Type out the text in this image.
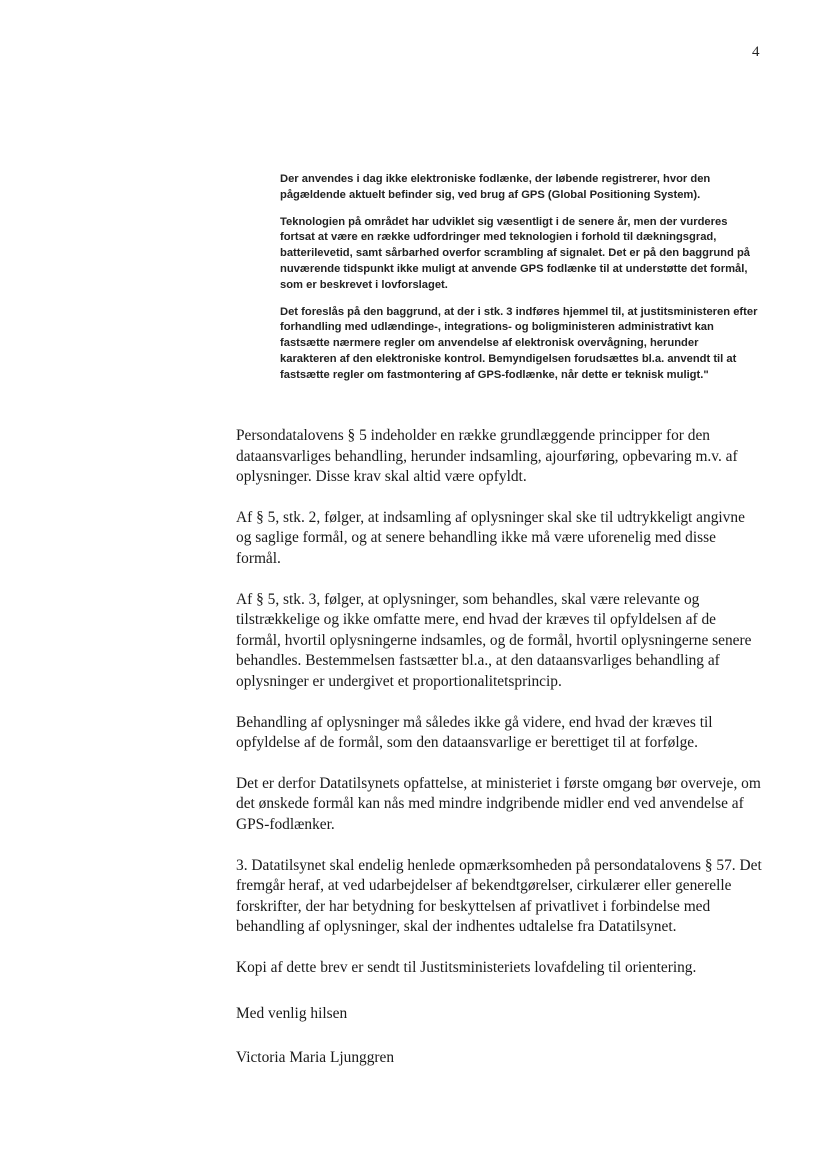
4

Der anvendes i dag ikke elektroniske fodlænke, der løbende registrerer, hvor den pågældende aktuelt befinder sig, ved brug af GPS (Global Positioning System).

Teknologien på området har udviklet sig væsentligt i de senere år, men der vurderes fortsat at være en række udfordringer med teknologien i forhold til dækningsgrad, batterilevetid, samt sårbarhed overfor scrambling af signalet. Det er på den baggrund på nuværende tidspunkt ikke muligt at anvende GPS fodlænke til at understøtte det formål, som er beskrevet i lovforslaget.

Det foreslås på den baggrund, at der i stk. 3 indføres hjemmel til, at justitsministeren efter forhandling med udlændinge-, integrations- og boligministeren administrativt kan fastsætte nærmere regler om anvendelse af elektronisk overvågning, herunder karakteren af den elektroniske kontrol. Bemyndigelsen forudsættes bl.a. anvendt til at fastsætte regler om fastmontering af GPS-fodlænke, når dette er teknisk muligt."

Persondatalovens § 5 indeholder en række grundlæggende principper for den dataansvarliges behandling, herunder indsamling, ajourføring, opbevaring m.v. af oplysninger. Disse krav skal altid være opfyldt.

Af § 5, stk. 2, følger, at indsamling af oplysninger skal ske til udtrykkeligt angivne og saglige formål, og at senere behandling ikke må være uforenelig med disse formål.

Af § 5, stk. 3, følger, at oplysninger, som behandles, skal være relevante og tilstrækkelige og ikke omfatte mere, end hvad der kræves til opfyldelsen af de formål, hvortil oplysningerne indsamles, og de formål, hvortil oplysningerne senere behandles. Bestemmelsen fastsætter bl.a., at den dataansvarliges behandling af oplysninger er undergivet et proportionalitetsprincip.

Behandling af oplysninger må således ikke gå videre, end hvad der kræves til opfyldelse af de formål, som den dataansvarlige er berettiget til at forfølge.

Det er derfor Datatilsynets opfattelse, at ministeriet i første omgang bør overveje, om det ønskede formål kan nås med mindre indgribende midler end ved anvendelse af GPS-fodlænker.

3. Datatilsynet skal endelig henlede opmærksomheden på persondatalovens § 57. Det fremgår heraf, at ved udarbejdelser af bekendtgørelser, cirkulærer eller generelle forskrifter, der har betydning for beskyttelsen af privatlivet i forbindelse med behandling af oplysninger, skal der indhentes udtalelse fra Datatilsynet.

Kopi af dette brev er sendt til Justitsministeriets lovafdeling til orientering.

Med venlig hilsen

Victoria Maria Ljunggren
